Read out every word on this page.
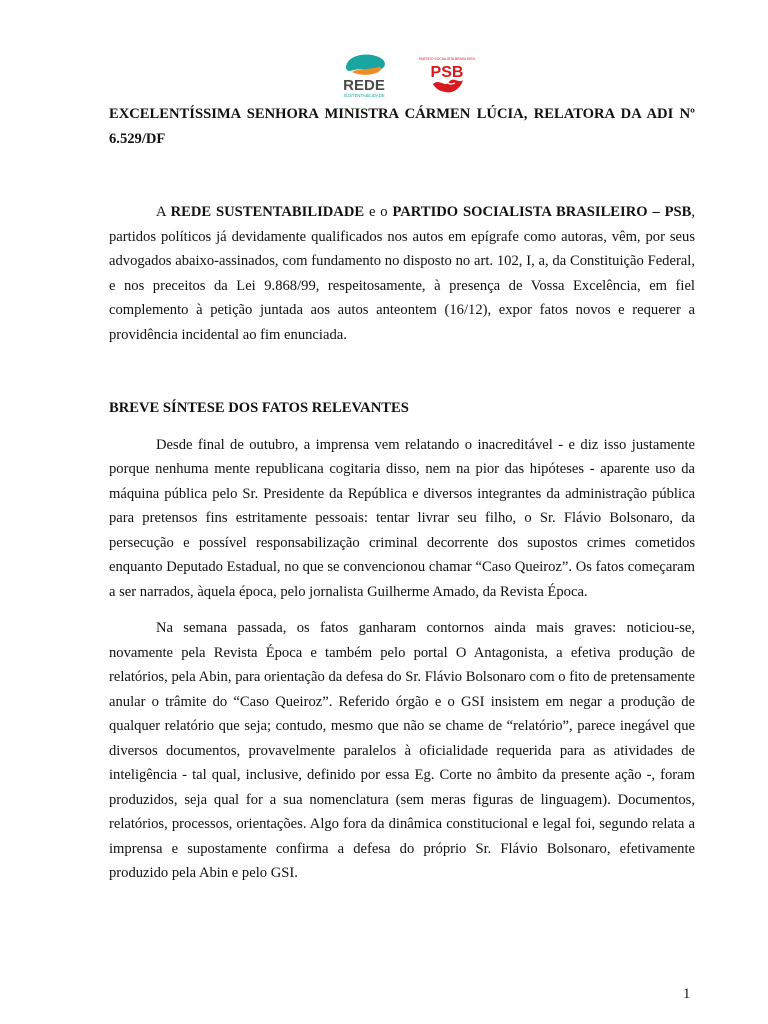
REDE
SUSTENTABILIDADE
PARTIDO SOCIALISTA BRASILEIRO
PSB

EXCELENTÍSSIMA SENHORA MINISTRA CÁRMEN LÚCIA, RELATORA DA ADI Nº 6.529/DF

A REDE SUSTENTABILIDADE e o PARTIDO SOCIALISTA BRASILEIRO – PSB, partidos políticos já devidamente qualificados nos autos em epígrafe como autoras, vêm, por seus advogados abaixo-assinados, com fundamento no disposto no art. 102, I, a, da Constituição Federal, e nos preceitos da Lei 9.868/99, respeitosamente, à presença de Vossa Excelência, em fiel complemento à petição juntada aos autos anteontem (16/12), expor fatos novos e requerer a providência incidental ao fim enunciada.

BREVE SÍNTESE DOS FATOS RELEVANTES

Desde final de outubro, a imprensa vem relatando o inacreditável - e diz isso justamente porque nenhuma mente republicana cogitaria disso, nem na pior das hipóteses - aparente uso da máquina pública pelo Sr. Presidente da República e diversos integrantes da administração pública para pretensos fins estritamente pessoais: tentar livrar seu filho, o Sr. Flávio Bolsonaro, da persecução e possível responsabilização criminal decorrente dos supostos crimes cometidos enquanto Deputado Estadual, no que se convencionou chamar “Caso Queiroz”. Os fatos começaram a ser narrados, àquela época, pelo jornalista Guilherme Amado, da Revista Época.

Na semana passada, os fatos ganharam contornos ainda mais graves: noticiou-se, novamente pela Revista Época e também pelo portal O Antagonista, a efetiva produção de relatórios, pela Abin, para orientação da defesa do Sr. Flávio Bolsonaro com o fito de pretensamente anular o trâmite do “Caso Queiroz”. Referido órgão e o GSI insistem em negar a produção de qualquer relatório que seja; contudo, mesmo que não se chame de “relatório”, parece inegável que diversos documentos, provavelmente paralelos à oficialidade requerida para as atividades de inteligência - tal qual, inclusive, definido por essa Eg. Corte no âmbito da presente ação -, foram produzidos, seja qual for a sua nomenclatura (sem meras figuras de linguagem). Documentos, relatórios, processos, orientações. Algo fora da dinâmica constitucional e legal foi, segundo relata a imprensa e supostamente confirma a defesa do próprio Sr. Flávio Bolsonaro, efetivamente produzido pela Abin e pelo GSI.

1
